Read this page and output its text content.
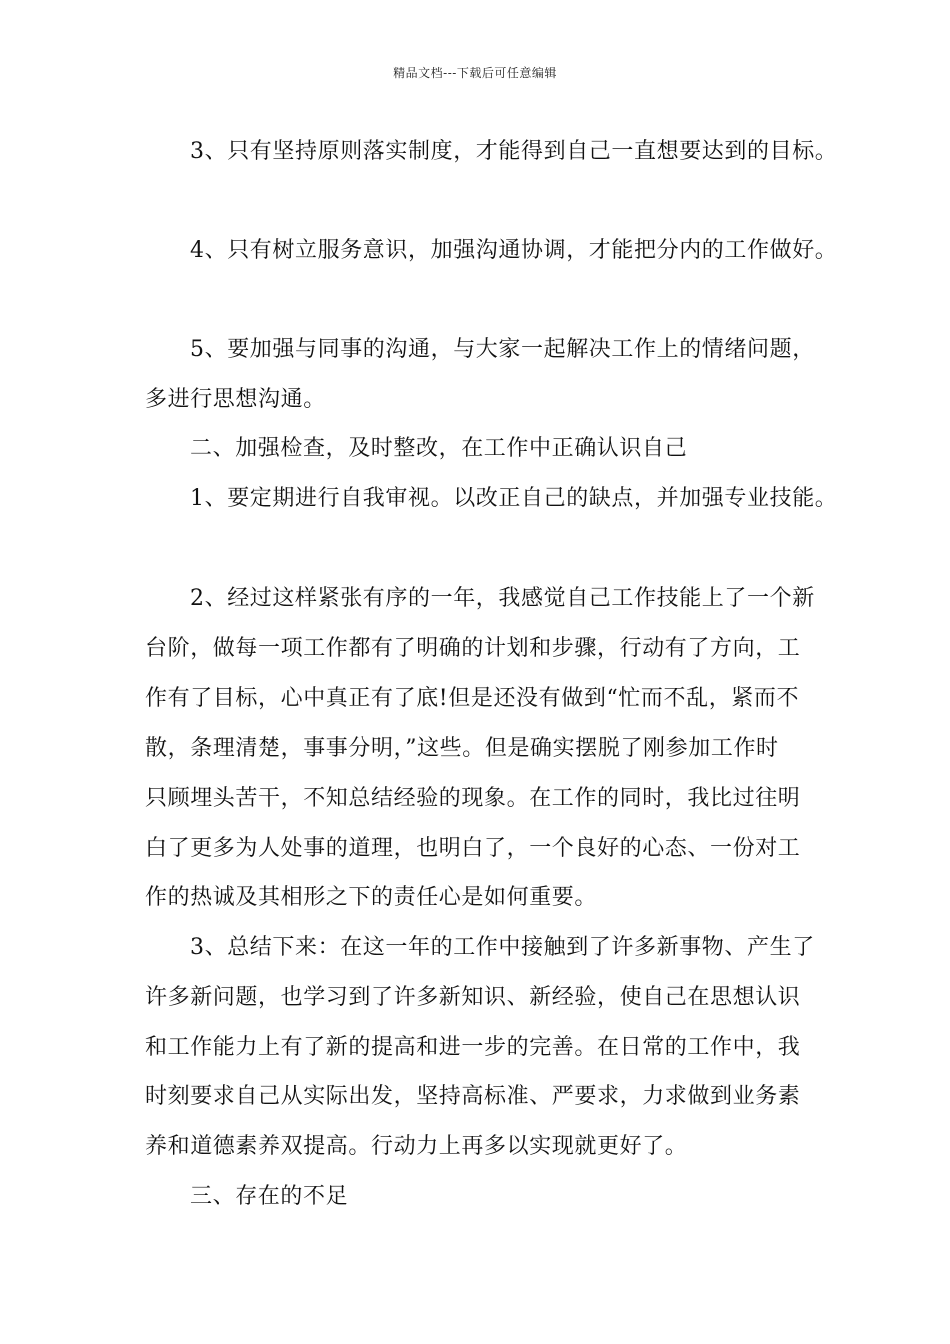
精品文档---下载后可任意编辑
3、只有坚持原则落实制度，才能得到自己一直想要达到的目标。
4、只有树立服务意识，加强沟通协调，才能把分内的工作做好。
5、要加强与同事的沟通，与大家一起解决工作上的情绪问题，
多进行思想沟通。
二、加强检查，及时整改，在工作中正确认识自己
1、要定期进行自我审视。以改正自己的缺点，并加强专业技能。
2、经过这样紧张有序的一年，我感觉自己工作技能上了一个新
台阶，做每一项工作都有了明确的计划和步骤，行动有了方向，工
作有了目标，心中真正有了底!但是还没有做到“忙而不乱，紧而不
散，条理清楚，事事分明，”这些。但是确实摆脱了刚参加工作时
只顾埋头苦干，不知总结经验的现象。在工作的同时，我比过往明
白了更多为人处事的道理，也明白了，一个良好的心态、一份对工
作的热诚及其相形之下的责任心是如何重要。
3、总结下来：在这一年的工作中接触到了许多新事物、产生了
许多新问题，也学习到了许多新知识、新经验，使自己在思想认识
和工作能力上有了新的提高和进一步的完善。在日常的工作中，我
时刻要求自己从实际出发，坚持高标准、严要求，力求做到业务素
养和道德素养双提高。行动力上再多以实现就更好了。
三、存在的不足
